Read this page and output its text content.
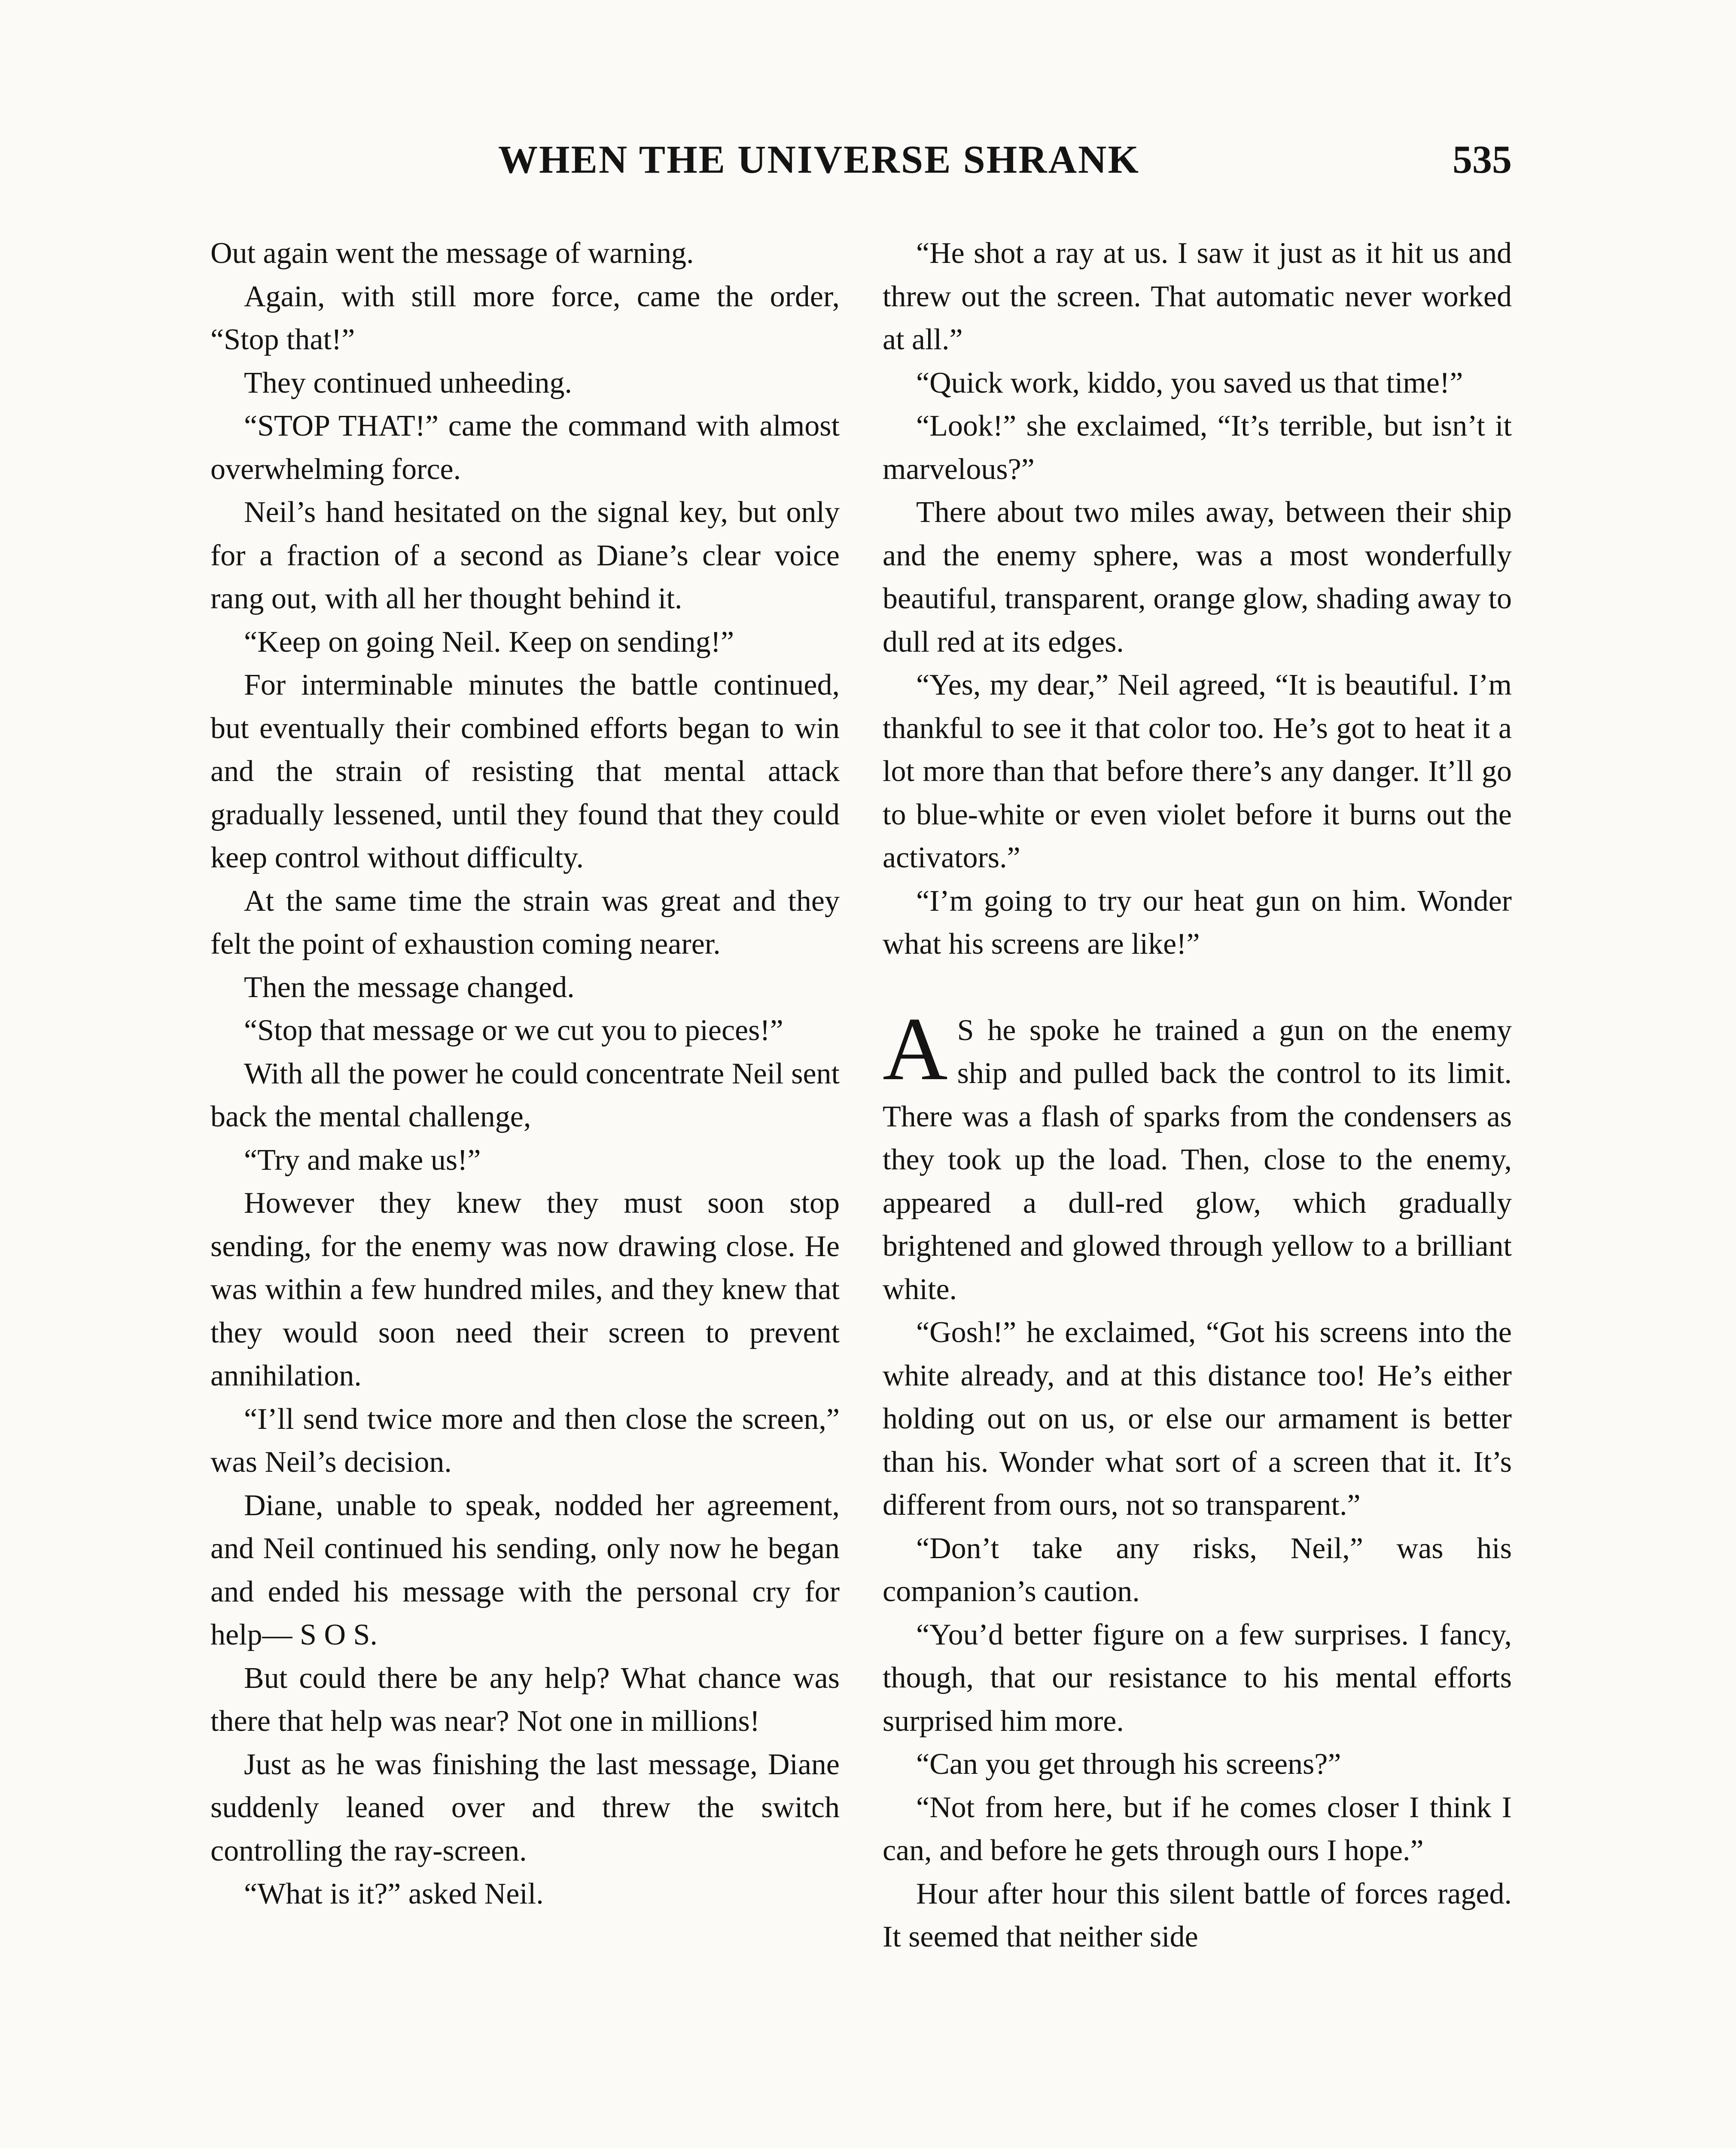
WHEN THE UNIVERSE SHRANK	535

Out again went the message of warning.

Again, with still more force, came the order, “Stop that!”

They continued unheeding.

“STOP THAT!” came the command with almost overwhelming force.

Neil’s hand hesitated on the signal key, but only for a fraction of a second as Diane’s clear voice rang out, with all her thought behind it.

“Keep on going Neil. Keep on sending!”

For interminable minutes the battle continued, but eventually their combined efforts began to win and the strain of resisting that mental attack gradually lessened, until they found that they could keep control without difficulty.

At the same time the strain was great and they felt the point of exhaustion coming nearer.

Then the message changed.

“Stop that message or we cut you to pieces!”

With all the power he could concentrate Neil sent back the mental challenge,

“Try and make us!”

However they knew they must soon stop sending, for the enemy was now drawing close. He was within a few hundred miles, and they knew that they would soon need their screen to prevent annihilation.

“I’ll send twice more and then close the screen,” was Neil’s decision.

Diane, unable to speak, nodded her agreement, and Neil continued his sending, only now he began and ended his message with the personal cry for help— S O S.

But could there be any help? What chance was there that help was near? Not one in millions!

Just as he was finishing the last message, Diane suddenly leaned over and threw the switch controlling the ray-screen.

“What is it?” asked Neil.

“He shot a ray at us. I saw it just as it hit us and threw out the screen. That automatic never worked at all.”

“Quick work, kiddo, you saved us that time!”

“Look!” she exclaimed, “It’s terrible, but isn’t it marvelous?”

There about two miles away, between their ship and the enemy sphere, was a most wonderfully beautiful, transparent, orange glow, shading away to dull red at its edges.

“Yes, my dear,” Neil agreed, “It is beautiful. I’m thankful to see it that color too. He’s got to heat it a lot more than that before there’s any danger. It’ll go to blue-white or even violet before it burns out the activators.”

“I’m going to try our heat gun on him. Wonder what his screens are like!”

A S he spoke he trained a gun on the enemy ship and pulled back the control to its limit. There was a flash of sparks from the condensers as they took up the load. Then, close to the enemy, appeared a dull-red glow, which gradually brightened and glowed through yellow to a brilliant white.

“Gosh!” he exclaimed, “Got his screens into the white already, and at this distance too! He’s either holding out on us, or else our armament is better than his. Wonder what sort of a screen that it. It’s different from ours, not so transparent.”

“Don’t take any risks, Neil,” was his companion’s caution.

“You’d better figure on a few surprises. I fancy, though, that our resistance to his mental efforts surprised him more.

“Can you get through his screens?”

“Not from here, but if he comes closer I think I can, and before he gets through ours I hope.”

Hour after hour this silent battle of forces raged. It seemed that neither side
